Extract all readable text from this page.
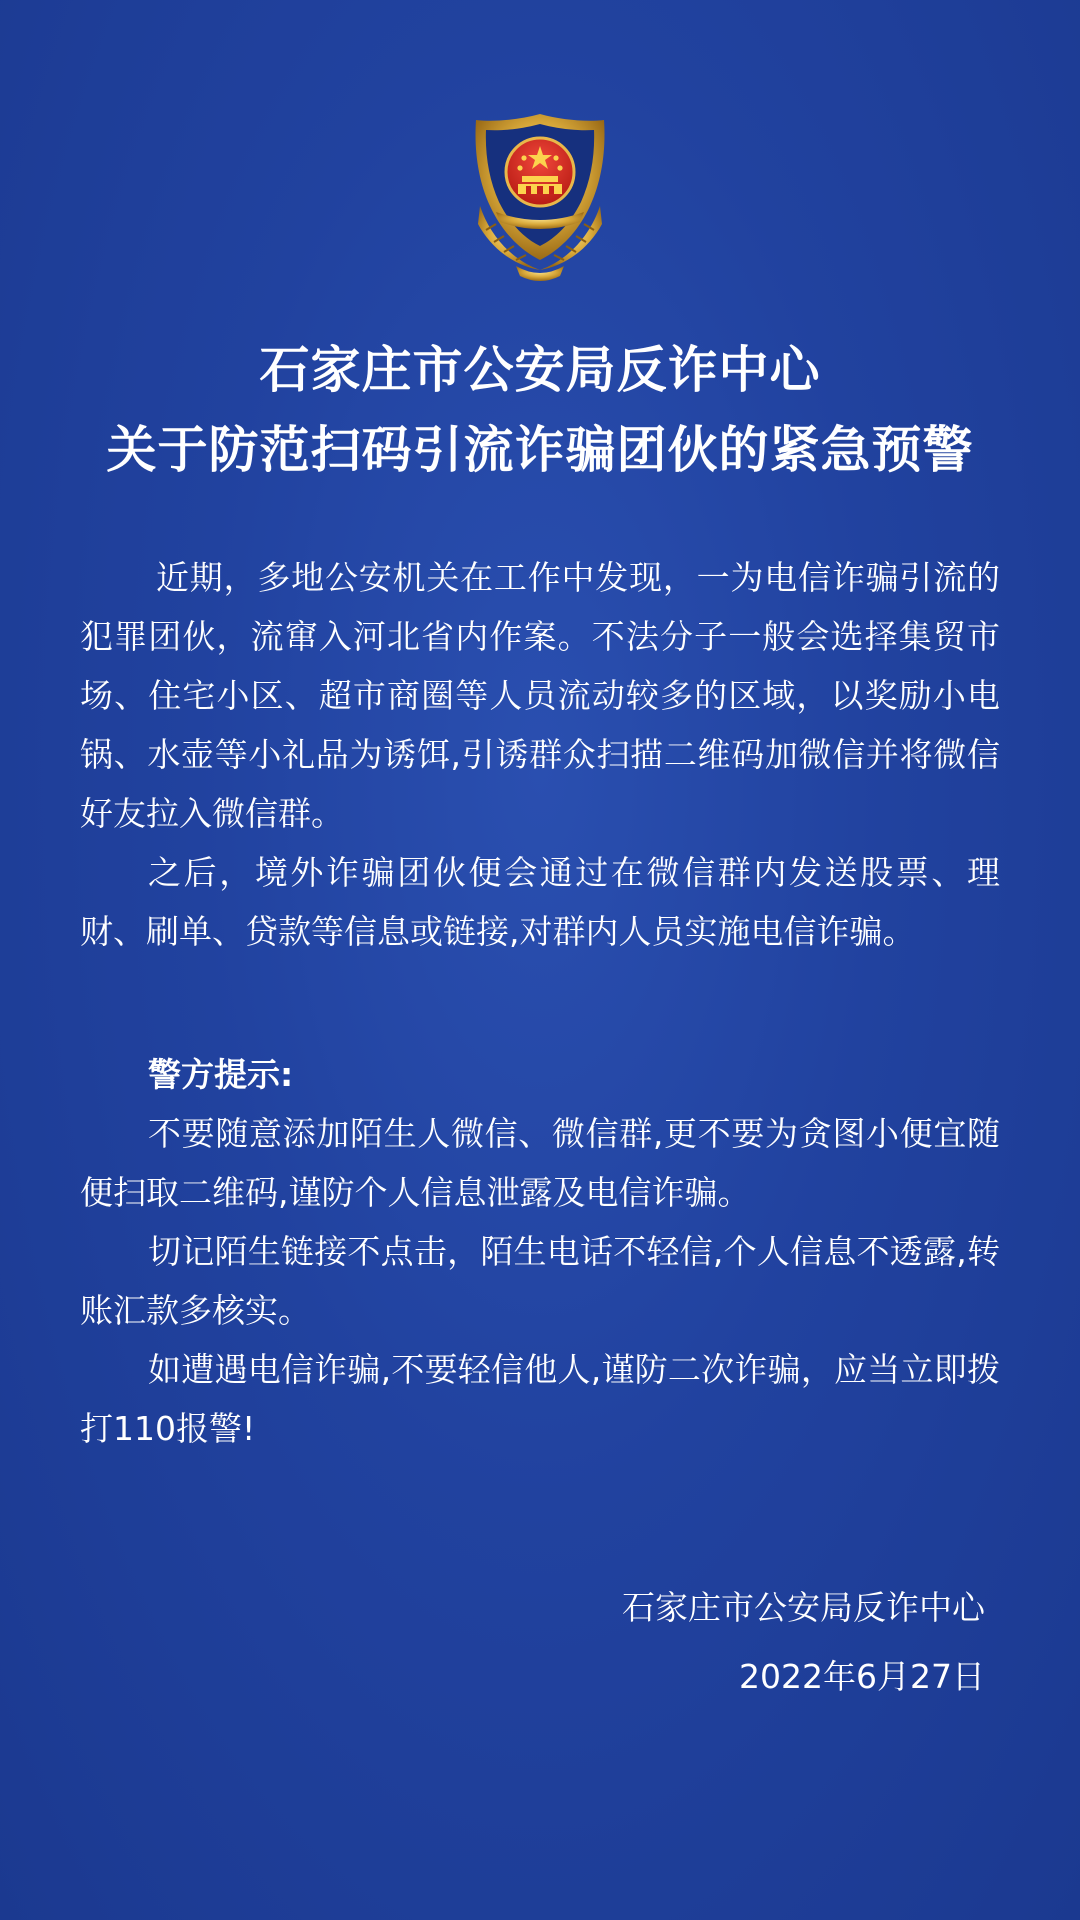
石家庄市公安局反诈中心
关于防范扫码引流诈骗团伙的紧急预警

近期，多地公安机关在工作中发现，一为电信诈骗引流的犯罪团伙，流窜入河北省内作案。不法分子一般会选择集贸市场、住宅小区、超市商圈等人员流动较多的区域，以奖励小电锅、水壶等小礼品为诱饵,引诱群众扫描二维码加微信并将微信好友拉入微信群。

之后，境外诈骗团伙便会通过在微信群内发送股票、理财、刷单、贷款等信息或链接,对群内人员实施电信诈骗。

警方提示:

不要随意添加陌生人微信、微信群,更不要为贪图小便宜随便扫取二维码,谨防个人信息泄露及电信诈骗。

切记陌生链接不点击，陌生电话不轻信,个人信息不透露,转账汇款多核实。

如遭遇电信诈骗,不要轻信他人,谨防二次诈骗，应当立即拨打110报警!

石家庄市公安局反诈中心
2022年6月27日
